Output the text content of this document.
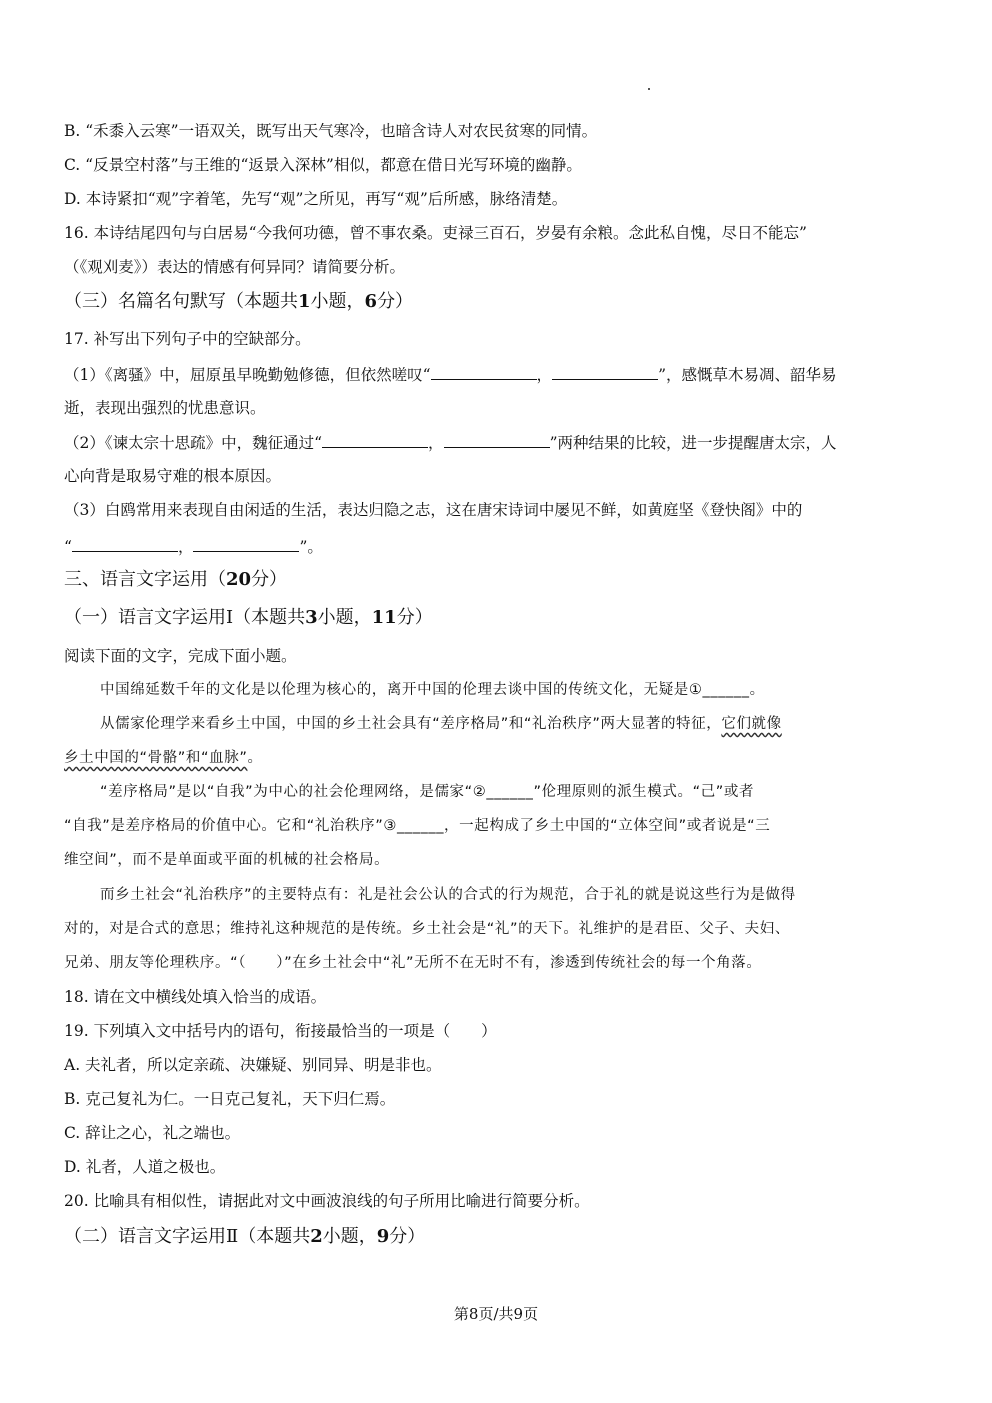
B. “禾黍入云寒”一语双关，既写出天气寒冷，也暗含诗人对农民贫寒的同情。
C. “反景空村落”与王维的“返景入深林”相似，都意在借日光写环境的幽静。
D. 本诗紧扣“观”字着笔，先写“观”之所见，再写“观”后所感，脉络清楚。
16. 本诗结尾四句与白居易“今我何功德，曾不事农桑。吏禄三百石，岁晏有余粮。念此私自愧，尽日不能忘”
（《观刈麦》）表达的情感有何异同？请简要分析。
（三）名篇名句默写（本题共1小题，6分）
17. 补写出下列句子中的空缺部分。
（1）《离骚》中，屈原虽早晚勤勉修德，但依然嗟叹“	，	”，感慨草木易凋、韶华易
逝，表现出强烈的忧患意识。
（2）《谏太宗十思疏》中，魏征通过“	，	”两种结果的比较，进一步提醒唐太宗，人
心向背是取易守难的根本原因。
（3）白鸥常用来表现自由闲适的生活，表达归隐之志，这在唐宋诗词中屡见不鲜，如黄庭坚《登快阁》中的
“	，	”。
三、语言文字运用（20分）
（一）语言文字运用Ⅰ（本题共3小题，11分）
阅读下面的文字，完成下面小题。
中国绵延数千年的文化是以伦理为核心的，离开中国的伦理去谈中国的传统文化，无疑是①______。
从儒家伦理学来看乡土中国，中国的乡土社会具有“差序格局”和“礼治秩序”两大显著的特征，它们就像
乡土中国的“骨骼”和“血脉”。
“差序格局”是以“自我”为中心的社会伦理网络，是儒家“②______”伦理原则的派生模式。“己”或者
“自我”是差序格局的价值中心。它和“礼治秩序”③______，一起构成了乡土中国的“立体空间”或者说是“三
维空间”，而不是单面或平面的机械的社会格局。
而乡土社会“礼治秩序”的主要特点有：礼是社会公认的合式的行为规范，合于礼的就是说这些行为是做得
对的，对是合式的意思；维持礼这种规范的是传统。乡土社会是“礼”的天下。礼维护的是君臣、父子、夫妇、
兄弟、朋友等伦理秩序。“（　　）”在乡土社会中“礼”无所不在无时不有，渗透到传统社会的每一个角落。
18. 请在文中横线处填入恰当的成语。
19. 下列填入文中括号内的语句，衔接最恰当的一项是（　　）
A. 夫礼者，所以定亲疏、决嫌疑、别同异、明是非也。
B. 克己复礼为仁。一日克己复礼，天下归仁焉。
C. 辞让之心，礼之端也。
D. 礼者，人道之极也。
20. 比喻具有相似性，请据此对文中画波浪线的句子所用比喻进行简要分析。
（二）语言文字运用Ⅱ（本题共2小题，9分）
第8页/共9页
